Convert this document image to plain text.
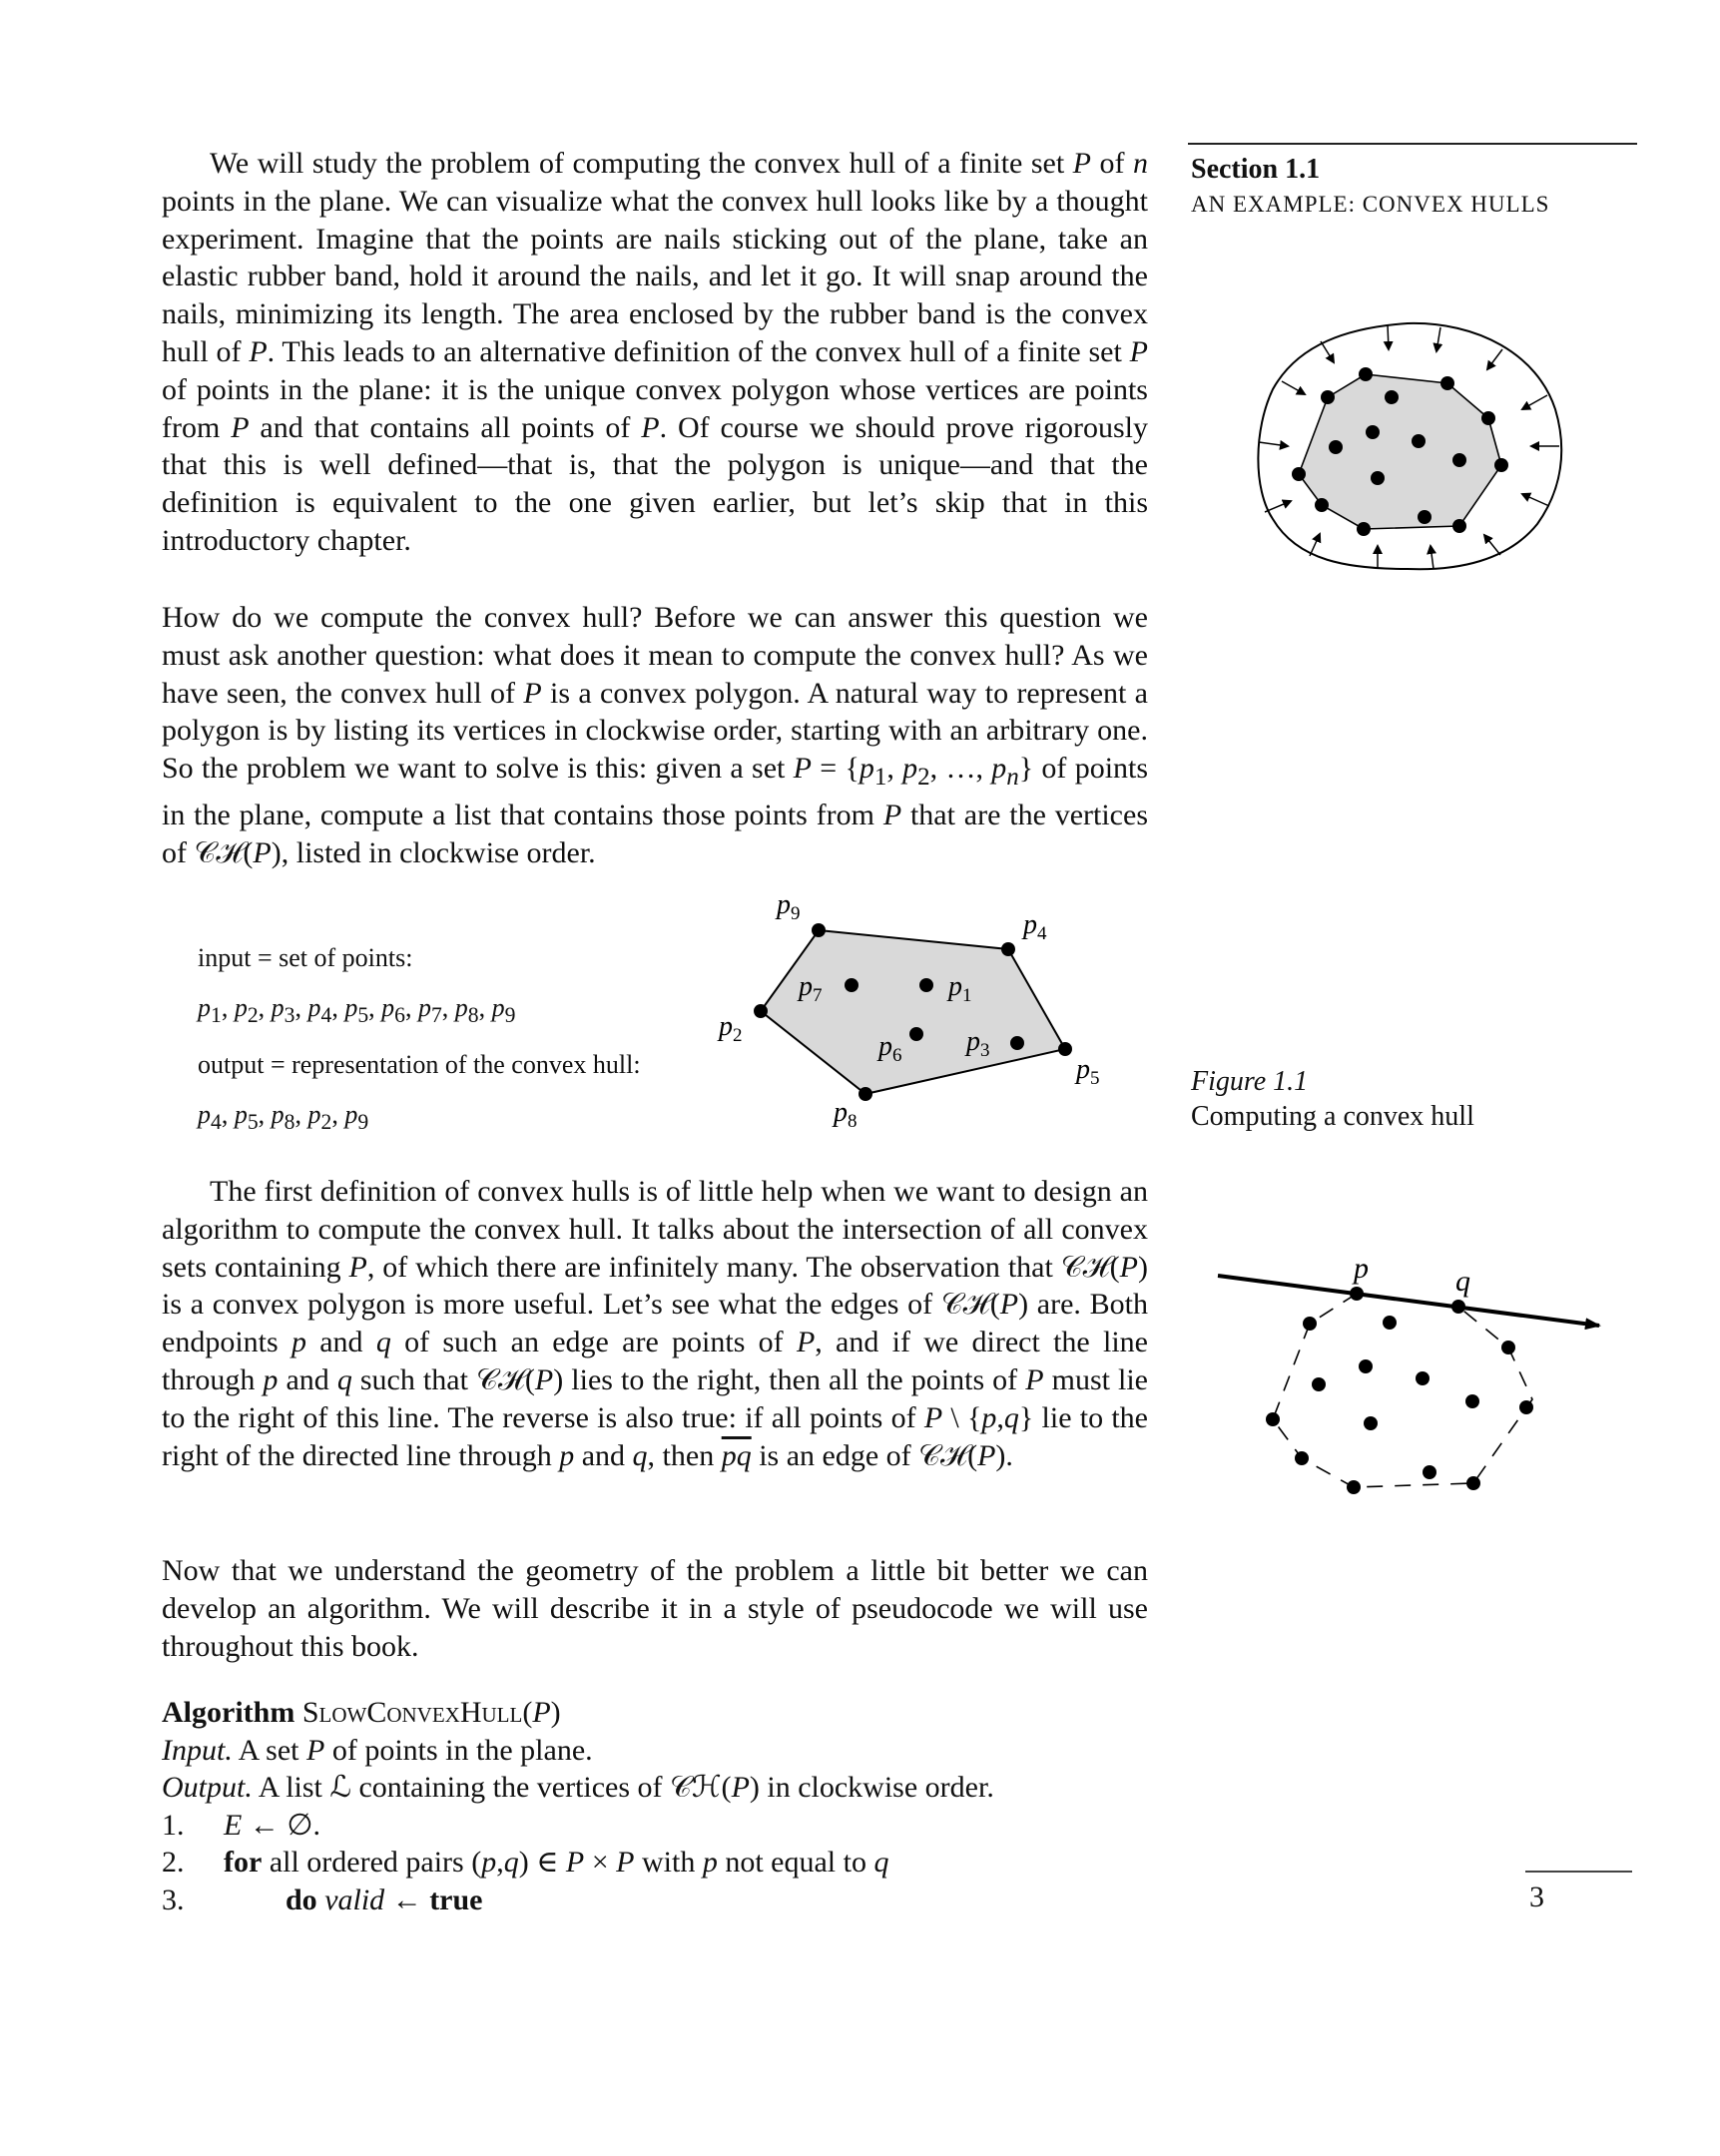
Section 1.1
AN EXAMPLE: CONVEX HULLS

We will study the problem of computing the convex hull of a finite set P of n points in the plane. We can visualize what the convex hull looks like by a thought experiment. Imagine that the points are nails sticking out of the plane, take an elastic rubber band, hold it around the nails, and let it go. It will snap around the nails, minimizing its length. The area enclosed by the rubber band is the convex hull of P. This leads to an alternative definition of the convex hull of a finite set P of points in the plane: it is the unique convex polygon whose vertices are points from P and that contains all points of P. Of course we should prove rigorously that this is well defined—that is, that the polygon is unique—and that the definition is equivalent to the one given earlier, but let’s skip that in this introductory chapter.

How do we compute the convex hull? Before we can answer this question we must ask another question: what does it mean to compute the convex hull? As we have seen, the convex hull of P is a convex polygon. A natural way to represent a polygon is by listing its vertices in clockwise order, starting with an arbitrary one. So the problem we want to solve is this: given a set $P = \{p_1$, $p_2$, …, $p_n$} of points in the plane, compute a list that contains those points from P that are the vertices of 𝒞ℋ(P), listed in clockwise order.

input = set of points:
$p_1$, $p_2$, $p_3$, $p_4$, $p_5$, $p_6$, $p_7$, $p_8$, $p_9$
output = representation of the convex hull:
$p_4$, $p_5$, $p_8$, $p_2$, $p_9$
$p_9$	$p_4$
$p_7$	$p_1$
$p_2$	$p_6$ $p_3$
$p_5$
$p_8$
Figure 1.1
Computing a convex hull

The first definition of convex hulls is of little help when we want to design an algorithm to compute the convex hull. It talks about the intersection of all convex sets containing P, of which there are infinitely many. The observation that 𝒞ℋ(P) is a convex polygon is more useful. Let’s see what the edges of 𝒞ℋ(P) are. Both endpoints p and q of such an edge are points of P, and if we direct the line through p and q such that 𝒞ℋ(P) lies to the right, then all the points of P must lie to the right of this line. The reverse is also true: if all points of P \ {p,q} lie to the right of the directed line through p and q, then $\overline{pq}$ is an edge of 𝒞ℋ(P).

p	q

Now that we understand the geometry of the problem a little bit better we can develop an algorithm. We will describe it in a style of pseudocode we will use throughout this book.

Algorithm SlowConvexHull(P)
Input. A set P of points in the plane.
Output. A list ℒ containing the vertices of 𝒞ℋ(P) in clockwise order.
1. E ← ∅.
2. for all ordered pairs (p,q) ∈ P × P with p not equal to q
3.	do valid ← true	3
